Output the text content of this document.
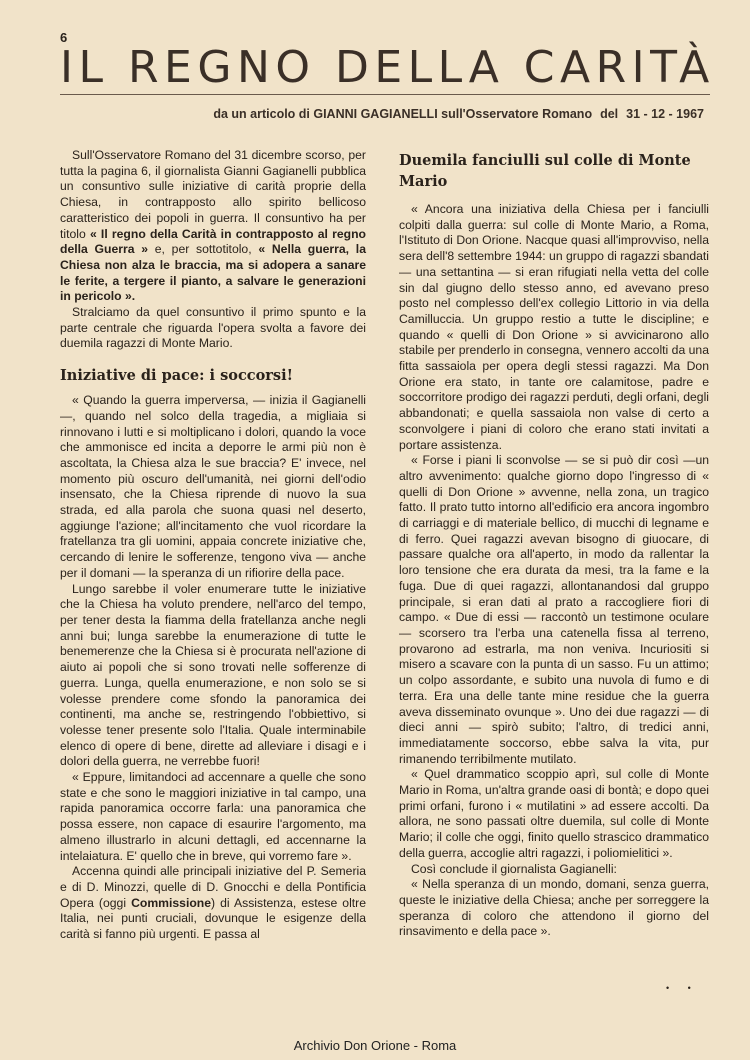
6
IL REGNO DELLA CARITÀ
da un articolo di GIANNI GAGIANELLI sull'Osservatore Romano del 31 - 12 - 1967

Sull'Osservatore Romano del 31 dicembre scorso, per tutta la pagina 6, il giornalista Gianni Gagianelli pubblica un consuntivo sulle iniziative di carità proprie della Chiesa, in contrapposto allo spirito bellicoso caratteristico dei popoli in guerra. Il consuntivo ha per titolo « Il regno della Carità in contrapposto al regno della Guerra » e, per sottotitolo, « Nella guerra, la Chiesa non alza le braccia, ma si adopera a sanare le ferite, a tergere il pianto, a salvare le generazioni in pericolo ».

Stralciamo da quel consuntivo il primo spunto e la parte centrale che riguarda l'opera svolta a favore dei duemila ragazzi di Monte Mario.

Iniziative di pace: i soccorsi!

« Quando la guerra imperversa, — inizia il Gagianelli —, quando nel solco della tragedia, a migliaia si rinnovano i lutti e si moltiplicano i dolori, quando la voce che ammonisce ed incita a deporre le armi più non è ascoltata, la Chiesa alza le sue braccia? E' invece, nel momento più oscuro dell'umanità, nei giorni dell'odio insensato, che la Chiesa riprende di nuovo la sua strada, ed alla parola che suona quasi nel deserto, aggiunge l'azione; all'incitamento che vuol ricordare la fratellanza tra gli uomini, appaia concrete iniziative che, cercando di lenire le sofferenze, tengono viva — anche per il domani — la speranza di un rifiorire della pace.

Lungo sarebbe il voler enumerare tutte le iniziative che la Chiesa ha voluto prendere, nell'arco del tempo, per tener desta la fiamma della fratellanza anche negli anni bui; lunga sarebbe la enumerazione di tutte le benemerenze che la Chiesa si è procurata nell'azione di aiuto ai popoli che si sono trovati nelle sofferenze di guerra. Lunga, quella enumerazione, e non solo se si volesse prendere come sfondo la panoramica dei continenti, ma anche se, restringendo l'obbiettivo, si volesse tener presente solo l'Italia. Quale interminabile elenco di opere di bene, dirette ad alleviare i disagi e i dolori della guerra, ne verrebbe fuori!

« Eppure, limitandoci ad accennare a quelle che sono state e che sono le maggiori iniziative in tal campo, una rapida panoramica occorre farla: una panoramica che possa essere, non capace di esaurire l'argomento, ma almeno illustrarlo in alcuni dettagli, ed accennarne la intelaiatura. E' quello che in breve, qui vorremo fare ».

Accenna quindi alle principali iniziative del P. Semeria e di D. Minozzi, quelle di D. Gnocchi e della Pontificia Opera (oggi Commissione) di Assistenza, estese oltre Italia, nei punti cruciali, dovunque le esigenze della carità si fanno più urgenti. E passa al

Duemila fanciulli sul colle di Monte Mario

« Ancora una iniziativa della Chiesa per i fanciulli colpiti dalla guerra: sul colle di Monte Mario, a Roma, l'Istituto di Don Orione. Nacque quasi all'improvviso, nella sera dell'8 settembre 1944: un gruppo di ragazzi sbandati — una settantina — si eran rifugiati nella vetta del colle sin dal giugno dello stesso anno, ed avevano preso posto nel complesso dell'ex collegio Littorio in via della Camilluccia. Un gruppo restio a tutte le discipline; e quando « quelli di Don Orione » si avvicinarono allo stabile per prenderlo in consegna, vennero accolti da una fitta sassaiola per opera degli stessi ragazzi. Ma Don Orione era stato, in tante ore calamitose, padre e soccorritore prodigo dei ragazzi perduti, degli orfani, degli abbandonati; e quella sassaiola non valse di certo a sconvolgere i piani di coloro che erano stati invitati a portare assistenza.

« Forse i piani li sconvolse — se si può dir così —un altro avvenimento: qualche giorno dopo l'ingresso di « quelli di Don Orione » avvenne, nella zona, un tragico fatto. Il prato tutto intorno all'edificio era ancora ingombro di carriaggi e di materiale bellico, di mucchi di legname e di ferro. Quei ragazzi avevan bisogno di giuocare, di passare qualche ora all'aperto, in modo da rallentar la loro tensione che era durata da mesi, tra la fame e la fuga. Due di quei ragazzi, allontanandosi dal gruppo principale, si eran dati al prato a raccogliere fiori di campo. « Due di essi — raccontò un testimone oculare — scorsero tra l'erba una catenella fissa al terreno, provarono ad estrarla, ma non veniva. Incuriositi si misero a scavare con la punta di un sasso. Fu un attimo; un colpo assordante, e subito una nuvola di fumo e di terra. Era una delle tante mine residue che la guerra aveva disseminato ovunque ». Uno dei due ragazzi — di dieci anni — spirò subito; l'altro, di tredici anni, immediatamente soccorso, ebbe salva la vita, pur rimanendo terribilmente mutilato.

« Quel drammatico scoppio aprì, sul colle di Monte Mario in Roma, un'altra grande oasi di bontà; e dopo quei primi orfani, furono i « mutilatini » ad essere accolti. Da allora, ne sono passati oltre duemila, sul colle di Monte Mario; il colle che oggi, finito quello strascico drammatico della guerra, accoglie altri ragazzi, i poliomielitici ».

Così conclude il giornalista Gagianelli:

« Nella speranza di un mondo, domani, senza guerra, queste le iniziative della Chiesa; anche per sorreggere la speranza di coloro che attendono il giorno del rinsavimento e della pace ».

• •
Archivio Don Orione - Roma
